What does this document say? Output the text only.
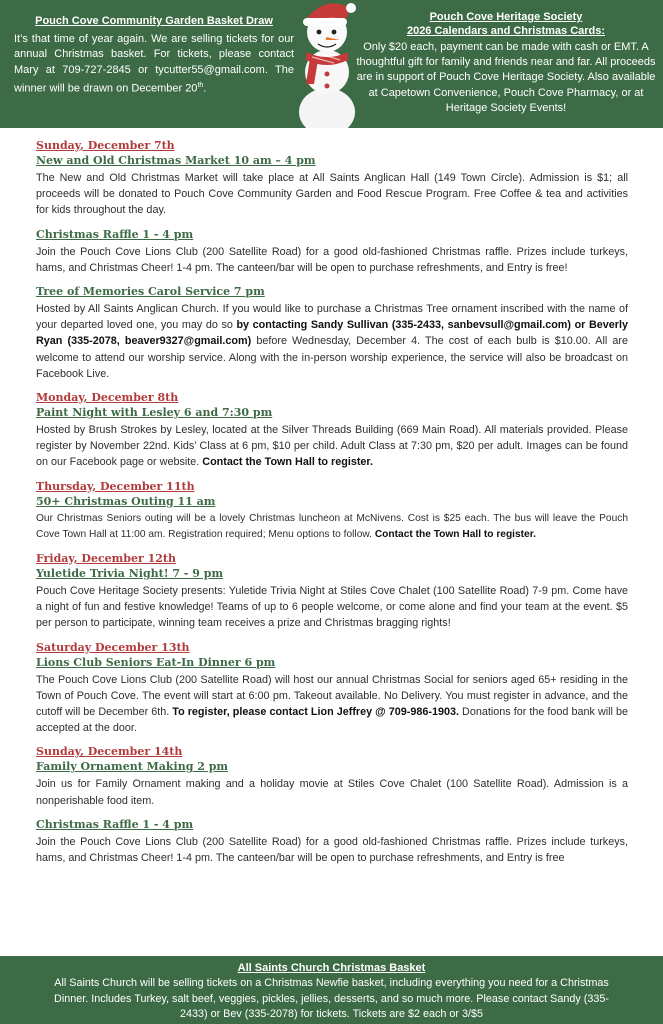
Pouch Cove Community Garden Basket Draw
It’s that time of year again. We are selling tickets for our annual Christmas basket. For tickets, please contact Mary at 709-727-2845 or tycutter55@gmail.com. The winner will be drawn on December 20th.
Pouch Cove Heritage Society
2026 Calendars and Christmas Cards:
Only $20 each, payment can be made with cash or EMT. A thoughtful gift for family and friends near and far. All proceeds are in support of Pouch Cove Heritage Society. Also available at Capetown Convenience, Pouch Cove Pharmacy, or at Heritage Society Events!
Sunday, December 7th
New and Old Christmas Market 10 am – 4 pm
The New and Old Christmas Market will take place at All Saints Anglican Hall (149 Town Circle). Admission is $1; all proceeds will be donated to Pouch Cove Community Garden and Food Rescue Program. Free Coffee & tea and activities for kids throughout the day.
Christmas Raffle 1 - 4 pm
Join the Pouch Cove Lions Club (200 Satellite Road) for a good old-fashioned Christmas raffle. Prizes include turkeys, hams, and Christmas Cheer! 1-4 pm. The canteen/bar will be open to purchase refreshments, and Entry is free!
Tree of Memories Carol Service 7 pm
Hosted by All Saints Anglican Church. If you would like to purchase a Christmas Tree ornament inscribed with the name of your departed loved one, you may do so by contacting Sandy Sullivan (335-2433, sanbevsull@gmail.com) or Beverly Ryan (335-2078, beaver9327@gmail.com) before Wednesday, December 4. The cost of each bulb is $10.00. All are welcome to attend our worship service. Along with the in-person worship experience, the service will also be broadcast on Facebook Live.
Monday, December 8th
Paint Night with Lesley 6 and 7:30 pm
Hosted by Brush Strokes by Lesley, located at the Silver Threads Building (669 Main Road). All materials provided. Please register by November 22nd. Kids’ Class at 6 pm, $10 per child. Adult Class at 7:30 pm, $20 per adult. Images can be found on our Facebook page or website. Contact the Town Hall to register.
Thursday, December 11th
50+ Christmas Outing 11 am
Our Christmas Seniors outing will be a lovely Christmas luncheon at McNivens. Cost is $25 each. The bus will leave the Pouch Cove Town Hall at 11:00 am. Registration required; Menu options to follow. Contact the Town Hall to register.
Friday, December 12th
Yuletide Trivia Night! 7 - 9 pm
Pouch Cove Heritage Society presents: Yuletide Trivia Night at Stiles Cove Chalet (100 Satellite Road) 7-9 pm. Come have a night of fun and festive knowledge! Teams of up to 6 people welcome, or come alone and find your team at the event. $5 per person to participate, winning team receives a prize and Christmas bragging rights!
Saturday December 13th
Lions Club Seniors Eat-In Dinner 6 pm
The Pouch Cove Lions Club (200 Satellite Road) will host our annual Christmas Social for seniors aged 65+ residing in the Town of Pouch Cove. The event will start at 6:00 pm. Takeout available. No Delivery. You must register in advance, and the cutoff will be December 6th. To register, please contact Lion Jeffrey @ 709-986-1903. Donations for the food bank will be accepted at the door.
Sunday, December 14th
Family Ornament Making 2 pm
Join us for Family Ornament making and a holiday movie at Stiles Cove Chalet (100 Satellite Road). Admission is a nonperishable food item.
Christmas Raffle 1 - 4 pm
Join the Pouch Cove Lions Club (200 Satellite Road) for a good old-fashioned Christmas raffle. Prizes include turkeys, hams, and Christmas Cheer! 1-4 pm. The canteen/bar will be open to purchase refreshments, and Entry is free
All Saints Church Christmas Basket
All Saints Church will be selling tickets on a Christmas Newfie basket, including everything you need for a Christmas Dinner. Includes Turkey, salt beef, veggies, pickles, jellies, desserts, and so much more. Please contact Sandy (335-2433) or Bev (335-2078) for tickets. Tickets are $2 each or 3/$5
